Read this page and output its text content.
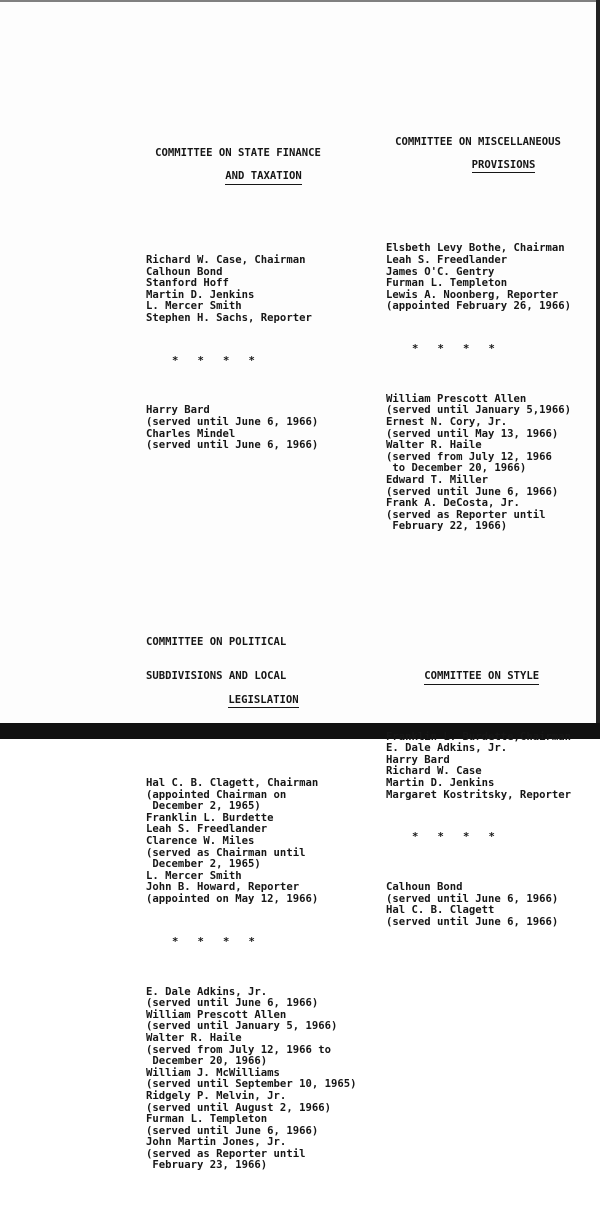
COMMITTEE ON STATE FINANCE

AND TAXATION

Richard W. Case, Chairman
Calhoun Bond
Stanford Hoff
Martin D. Jenkins
L. Mercer Smith
Stephen H. Sachs, Reporter

*   *   *   *

Harry Bard
(served until June 6, 1966)
Charles Mindel
(served until June 6, 1966)

COMMITTEE ON POLITICAL

SUBDIVISIONS AND LOCAL

LEGISLATION

Hal C. B. Clagett, Chairman
(appointed Chairman on
December 2, 1965)
Franklin L. Burdette
Leah S. Freedlander
Clarence W. Miles
(served as Chairman until
December 2, 1965)
L. Mercer Smith
John B. Howard, Reporter
(appointed on May 12, 1966)

*   *   *   *

E. Dale Adkins, Jr.
(served until June 6, 1966)
William Prescott Allen
(served until January 5, 1966)
Walter R. Haile
(served from July 12, 1966 to
December 20, 1966)
William J. McWilliams
(served until September 10, 1965)
Ridgely P. Melvin, Jr.
(served until August 2, 1966)
Furman L. Templeton
(served until June 6, 1966)
John Martin Jones, Jr.
(served as Reporter until
February 23, 1966)

COMMITTEE ON MISCELLANEOUS

PROVISIONS

Elsbeth Levy Bothe, Chairman
Leah S. Freedlander
James O'C. Gentry
Furman L. Templeton
Lewis A. Noonberg, Reporter
(appointed February 26, 1966)

*   *   *   *

William Prescott Allen
(served until January 5,1966)
Ernest N. Cory, Jr.
(served until May 13, 1966)
Walter R. Haile
(served from July 12, 1966
to December 20, 1966)
Edward T. Miller
(served until June 6, 1966)
Frank A. DeCosta, Jr.
(served as Reporter until
February 22, 1966)

COMMITTEE ON STYLE

Franklin L. Burdette,Chairman
E. Dale Adkins, Jr.
Harry Bard
Richard W. Case
Martin D. Jenkins
Margaret Kostritsky, Reporter

*   *   *   *

Calhoun Bond
(served until June 6, 1966)
Hal C. B. Clagett
(served until June 6, 1966)
